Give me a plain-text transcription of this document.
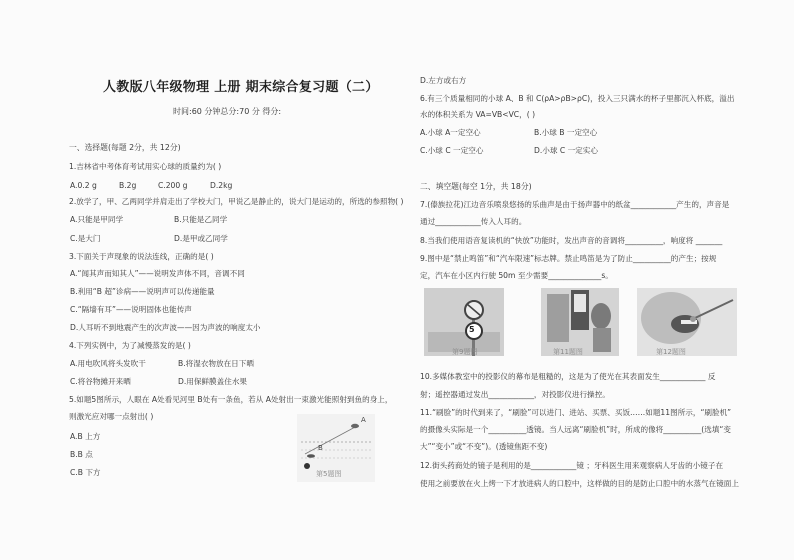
人教版八年级物理 上册 期末综合复习题（二）
时间:60 分钟总分:70 分 得分:
一、选择题(每题 2分，共 12分)
1.吉林省中考体育考试用实心球的质量约为( )
A.0.2 g	B.2g	C.200 g	D.2kg
2.放学了，甲、乙两同学并肩走出了学校大门，甲说乙是静止的，说大门是运动的，所选的参照物( )
A.只能是甲同学	B.只能是乙同学
C.是大门	D.是甲或乙同学
3.下面关于声现象的说法连线，正确的是( )
A.“闻其声而知其人”——说明发声体不同，音调不同
B.利用“B 超”诊病——说明声可以传递能量
C.“隔墙有耳”——说明固体也能传声
D.人耳听不到地震产生的次声波——因为声波的响度太小
4.下列实例中，为了减慢蒸发的是( )
A.用电吹风将头发吹干	B.将湿衣物放在日下晒
C.将谷物摊开来晒	D.用保鲜膜盖住水果
5.如题5图所示，人眼在 A处看见河里 B处有一条鱼，若从 A处射出一束激光能照射到鱼的身上，
则激光应对哪一点射出( )
A.B 上方
B.B 点
C.B 下方
A
B
第5题图
D.左方或右方
6.有三个质量相同的小球 A、B 和 C(ρA>ρB>ρC)，投入三只满水的杯子里都沉入杯底，溢出
水的体积关系为 VA=VB<VC，( )
A.小球 A一定空心	B.小球 B 一定空心
C.小球 C 一定空心	D.小球 C 一定实心
二、填空题(每空 1分，共 18分)
7.(傣族拉花)江边音乐喷泉悠扬的乐曲声是由于扬声器中的纸盆____________产生的，声音是
通过____________传入人耳的。
8.当我们使用语音复读机的“快放”功能时，发出声音的音调将__________，响度将 _______
9.图中是“禁止鸣笛”和“汽车限速”标志牌。禁止鸣笛是为了防止__________的产生；按规
定，汽车在小区内行驶 50m 至少需要______________s。
5
第9题图	第11题图	第12题图
10.多媒体教室中的投影仪的幕布是粗糙的，这是为了使光在其表面发生____________ 反
射；遥控器通过发出____________，对投影仪进行操控。
11.“刷脸”的时代到来了，“刷脸”可以进门、进站、买票、买饭……如题11图所示，“刷脸机”
的摄像头实际是一个__________透镜。当人远离“刷脸机”时，所成的像将__________(选填“变
大”“变小”或“不变”)。(透镜焦距不变)
12.街头药商处的镜子是利用的是____________镜 ；牙科医生用来观察病人牙齿的小镜子在
使用之前要放在火上烤一下才放进病人的口腔中，这样做的目的是防止口腔中的水蒸气在镜面上
